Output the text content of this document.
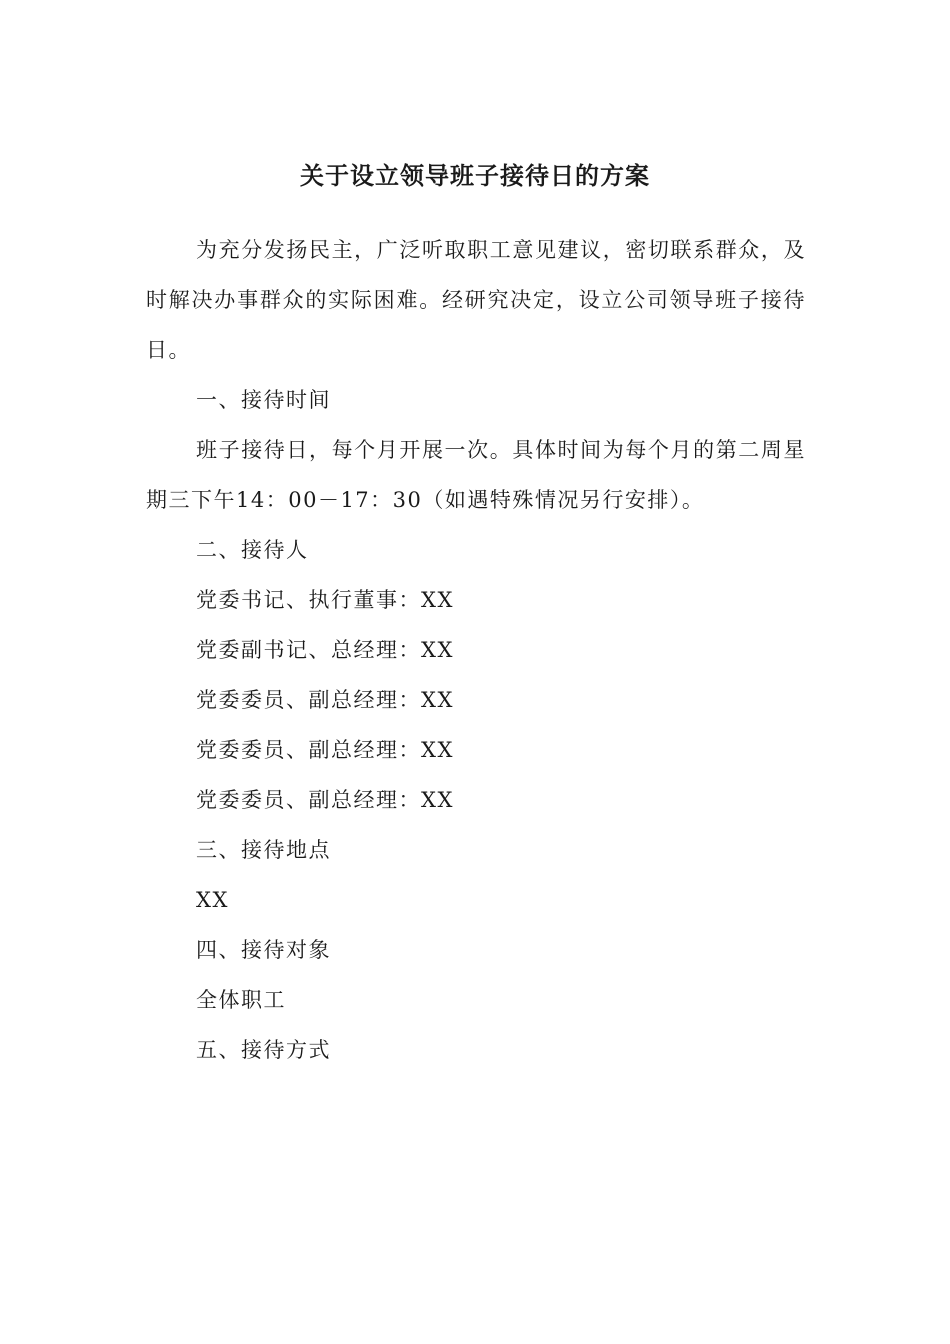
关于设立领导班子接待日的方案

为充分发扬民主，广泛听取职工意见建议，密切联系群众，及时解决办事群众的实际困难。经研究决定，设立公司领导班子接待日。

一、接待时间

班子接待日，每个月开展一次。具体时间为每个月的第二周星期三下午14：00－17：30（如遇特殊情况另行安排）。

二、接待人

党委书记、执行董事：XX

党委副书记、总经理：XX

党委委员、副总经理：XX

党委委员、副总经理：XX

党委委员、副总经理：XX

三、接待地点

XX

四、接待对象

全体职工

五、接待方式
